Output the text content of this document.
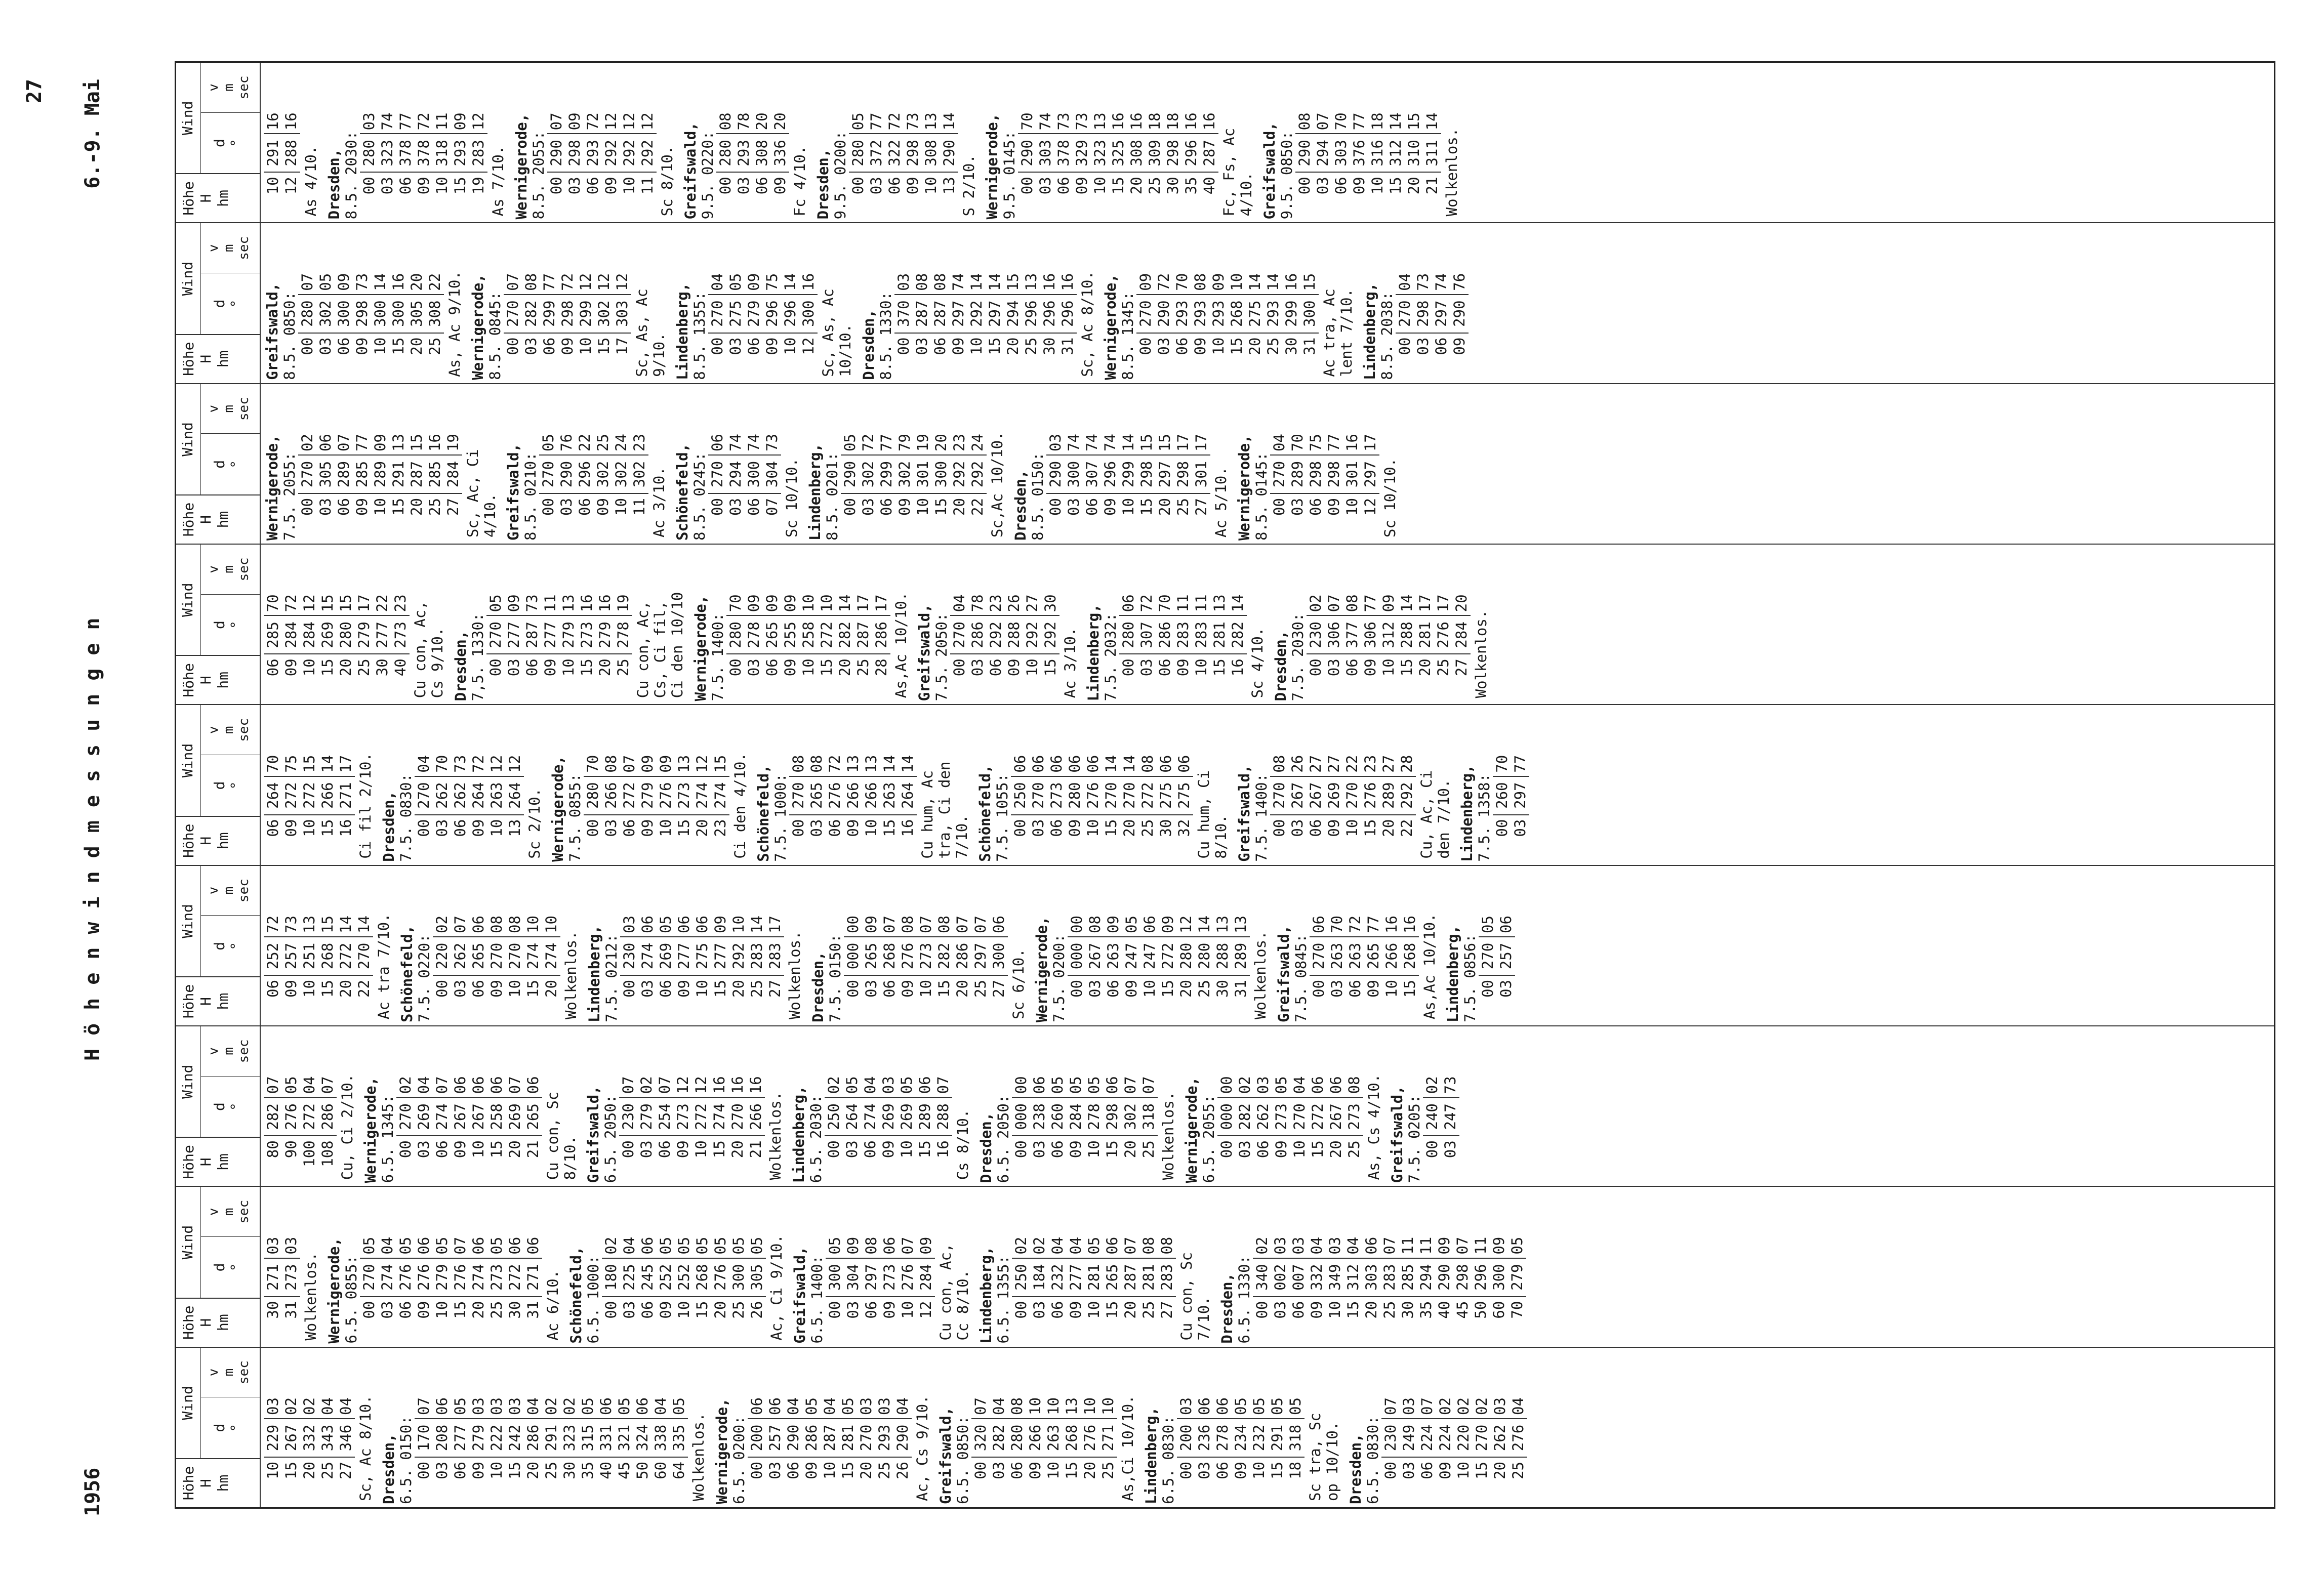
1956
Höhenwindmessungen
6.-9. Mai
27
Höhe H hm
Wind
d °
v m sec
10
229
03
15
267
02
20
332
02
25
343
04
27
346
04 Sc, Ac 8/10. Dresden, 6.5. 0150: 00
170
07
03
208
06
06
277
05
09
279
03
10
222
03
15
242
03
20
286
04
25
291
02
30
323
02
35
315
05
40
331
06
45
321
05
50
324
06
60
338
04
64
335
05
Wolkenlos. Wernigerode, 6.5. 0200: 00
200
06
03
257
06
06
290
04
09
286
05
10
287
04
15
281
05
20
270
03
25
293
03
26
290
04 Ac, Cs 9/10. Greifswald, 6.5. 0850: 00
320
07
03
282
04
06
280
08
09
266
10
10
263
10
15
268
13
20
276
10
25
271
10 As,Ci 10/10. Lindenberg, 6.5. 0830: 00
200
03
03
236
06
06
278
06
09
234
05
10
232
05
15
291
05
18
318
05
Sc tra, Sc
op 10/10. Dresden, 6.5. 0830: 00
230
07
03
249
03
06
224
07
09
224
02
10
220
02
15
270
02
20
262
03
25
276
04
Höhe H hm
Wind
d °
v m sec
30
271
03
31
273
03
Wolkenlos. Wernigerode, 6.5. 0855: 00
270
05
03
274
04
06
276
05
09
276
06
10
279
05
15
276
07
20
274
06
25
273
05
30
272
06
31
271
06
Ac 6/10. Schönefeld, 6.5. 1000: 00
180
02
03
225
04
06
245
06
09
252
05
10
252
05
15
268
05
20
276
05
25
300
05
26
305
05 Ac, Ci 9/10. Greifswald, 6.5. 1400: 00
300
05
03
304
09
06
297
08
09
273
06
10
276
07
12
284
09
Cu con, Ac,
Cc 8/10. Lindenberg, 6.5. 1355: 00
250
02
03
184
02
06
232
04
09
277
04
10
281
05
15
265
06
20
287
07
25
281
08
27
283
08
Cu con, Sc
7/10. Dresden, 6.5. 1330: 00
340
02
03
002
03
06
007
03
09
332
04
10
349
03
15
312
04
20
303
06
25
283
07
30
285
11
35
294
11
40
290
09
45
298
07
50
296
11
60
300
09
70
279
05
Höhe H hm
Wind
d °
v m sec
80
282
07
90
276
05
100
272
04
108
286
07 Cu, Ci 2/10. Wernigerode, 6.5. 1345: 00
270
02
03
269
04
06
274
07
09
267
06
10
267
06
15
258
06
20
269
07
21
265
06
Cu con, Sc
8/10. Greifswald, 6.5. 2050: 00
230
07
03
279
02
06
254
07
09
273
12
10
272
12
15
274
16
20
270
16
21
266
16
Wolkenlos. Lindenberg, 6.5. 2030: 00
250
02
03
264
05
06
274
04
09
269
03
10
269
05
15
289
06
16
288
07
Cs 8/10. Dresden, 6.5. 2050: 00
000
00
03
238
06
06
260
05
09
284
05
10
278
05
15
298
06
20
302
07
25
318
07
Wolkenlos. Wernigerode, 6.5. 2055: 00
000
00
03
282
02
06
262
03
09
273
05
10
270
04
15
272
06
20
267
06
25
273
08 As, Cs 4/10. Greifswald, 7.5. 0205: 00
240
02
03
247
73
Höhe H hm
Wind
d °
v m sec
06
252
72
09
257
73
10
251
13
15
268
15
20
272
14
22
270
14 Ac tra 7/10. Schönefeld, 7.5. 0220: 00
220
02
03
262
07
06
265
06
09
270
08
10
270
08
15
274
10
20
274
10
Wolkenlos. Lindenberg, 7.5. 0212: 00
230
03
03
274
06
06
269
05
09
277
06
10
275
06
15
277
09
20
292
10
25
283
14
27
283
17
Wolkenlos. Dresden, 7.5. 0150: 00
000
00
03
265
09
06
268
07
09
276
08
10
273
07
15
282
08
20
286
07
25
297
07
27
300
06
Sc 6/10. Wernigerode, 7.5. 0200: 00
000
00
03
267
08
06
263
09
09
247
05
10
247
06
15
272
09
20
280
12
25
280
14
30
288
13
31
289
13
Wolkenlos. Greifswald, 7.5. 0845: 00
270
06
03
263
70
06
263
72
09
265
77
10
266
16
15
268
16 As,Ac 10/10. Lindenberg, 7.5. 0856: 00
270
05
03
257
06
Höhe H hm
Wind
d °
v m sec
06
264
70
09
272
75
10
272
15
15
266
14
16
271
17 Ci fil 2/10. Dresden, 7.5. 0830: 00
270
04
03
262
70
06
262
73
09
264
72
10
263
12
13
264
12
Sc 2/10. Wernigerode, 7.5. 0855: 00
280
70
03
266
08
06
272
07
09
279
09
10
276
09
15
273
13
20
274
12
23
274
15 Ci den 4/10. Schönefeld, 7.5. 1000: 00
270
08
03
265
08
06
276
72
09
266
13
10
266
13
15
263
14
16
264
14
Cu hum, Ac
tra, Ci den
7/10. Schönefeld, 7.5. 1055: 00
250
06
03
270
06
06
273
06
09
280
06
10
276
06
15
270
14
20
270
14
25
272
08
30
275
06
32
275
06
Cu hum, Ci
8/10. Greifswald, 7.5. 1400: 00
270
08
03
267
26
06
267
27
09
269
27
10
270
22
15
276
23
20
289
27
22
292
28
Cu, Ac, Ci
den 7/10. Lindenberg, 7.5. 1358: 00
260
70
03
297
77
Höhe H hm
Wind
d °
v m sec
06
285
70
09
284
72
10
284
12
15
269
15
20
280
15
25
279
17
30
277
22
40
273
23
Cu con, Ac,
Cs 9/10. Dresden, 7,5. 1330: 00
270
05
03
277
09
06
287
73
09
277
11
10
279
13
15
273
16
20
279
16
25
278
19
Cu con, Ac,
Cs, Ci fil,
Ci den 10/10 Wernigerode, 7.5. 1400: 00
280
70
03
278
09
06
265
09
09
255
09
10
258
10
15
272
10
20
282
14
25
287
17
28
286
17 As,Ac 10/10. Greifswald, 7.5. 2050: 00
270
04
03
286
78
06
292
23
09
288
26
10
292
27
15
292
30
Ac 3/10. Lindenberg, 7.5. 2032: 00
280
06
03
307
72
06
286
70
09
283
11
10
283
11
15
281
13
16
282
14
Sc 4/10. Dresden, 7.5. 2030: 00
230
02
03
306
07
06
377
08
09
306
77
10
312
09
15
288
14
20
281
17
25
276
17
27
284
20
Wolkenlos.
Höhe H hm
Wind
d °
v m sec
Wernigerode, 7.5. 2055: 00
270
02
03
305
06
06
289
07
09
285
77
10
289
09
15
291
13
20
287
15
25
285
16
27
284
19
Sc, Ac, Ci
4/10. Greifswald, 8.5. 0210: 00
270
05
03
290
76
06
296
22
09
302
25
10
302
24
11
302
23
Ac 3/10. Schönefeld, 8.5. 0245: 00
270
06
03
294
74
06
300
74
07
304
73
Sc 10/10. Lindenberg, 8.5. 0201: 00
290
05
03
302
72
06
299
77
09
302
79
10
301
19
15
300
20
20
292
23
22
292
24 Sc,Ac 10/10. Dresden, 8.5. 0150: 00
290
03
03
300
74
06
307
74
09
296
74
10
299
14
15
298
15
20
297
15
25
298
17
27
301
17
Ac 5/10. Wernigerode, 8.5. 0145: 00
270
04
03
289
70
06
298
75
09
298
77
10
301
16
12
297
17
Sc 10/10.
Höhe H hm
Wind
d °
v m sec
Greifswald, 8.5. 0850: 00
280
07
03
302
05
06
300
09
09
298
73
10
300
14
15
300
16
20
305
20
25
308
22 As, Ac 9/10. Wernigerode, 8.5. 0845: 00
270
07
03
282
08
06
299
77
09
298
72
10
299
12
15
302
12
17
303
12
Sc, As, Ac
9/10. Lindenberg, 8.5. 1355: 00
270
04
03
275
05
06
279
09
09
296
75
10
296
14
12
300
16
Sc, As, Ac
10/10. Dresden, 8.5. 1330: 00
370
03
03
287
08
06
287
08
09
297
74
10
292
14
15
297
14
20
294
15
25
296
13
30
296
16
31
296
16 Sc, Ac 8/10. Wernigerode, 8.5. 1345: 00
270
09
03
290
72
06
293
70
09
293
08
10
293
09
15
268
10
20
275
14
25
293
14
30
299
16
31
300
15
Ac tra, Ac
lent 7/10. Lindenberg, 8.5. 2038: 00
270
04
03
298
73
06
297
74
09
290
76
Höhe H hm
Wind
d °
v m sec
10
291
16
12
288
16
As 4/10. Dresden, 8.5. 2030: 00
280
03
03
323
74
06
378
77
09
378
72
10
318
11
15
293
09
19
283
12
As 7/10. Wernigerode, 8.5. 2055: 00
290
07
03
298
09
06
293
72
09
292
12
10
292
12
11
292
12
Sc 8/10. Greifswald, 9.5. 0220: 00
280
08
03
293
78
06
308
20
09
336
20
Fc 4/10. Dresden, 9.5. 0200: 00
280
05
03
372
77
06
322
72
09
298
73
10
308
13
13
290
14
S 2/10. Wernigerode, 9.5. 0145: 00
290
70
03
303
74
06
378
73
09
329
73
10
323
13
15
325
16
20
308
16
25
309
18
30
298
18
35
296
16
40
287
16
Fc, Fs, Ac
4/10. Greifswald, 9.5. 0850: 00
290
08
03
294
07
06
303
70
09
376
77
10
316
18
15
312
14
20
310
15
21
311
14
Wolkenlos.
